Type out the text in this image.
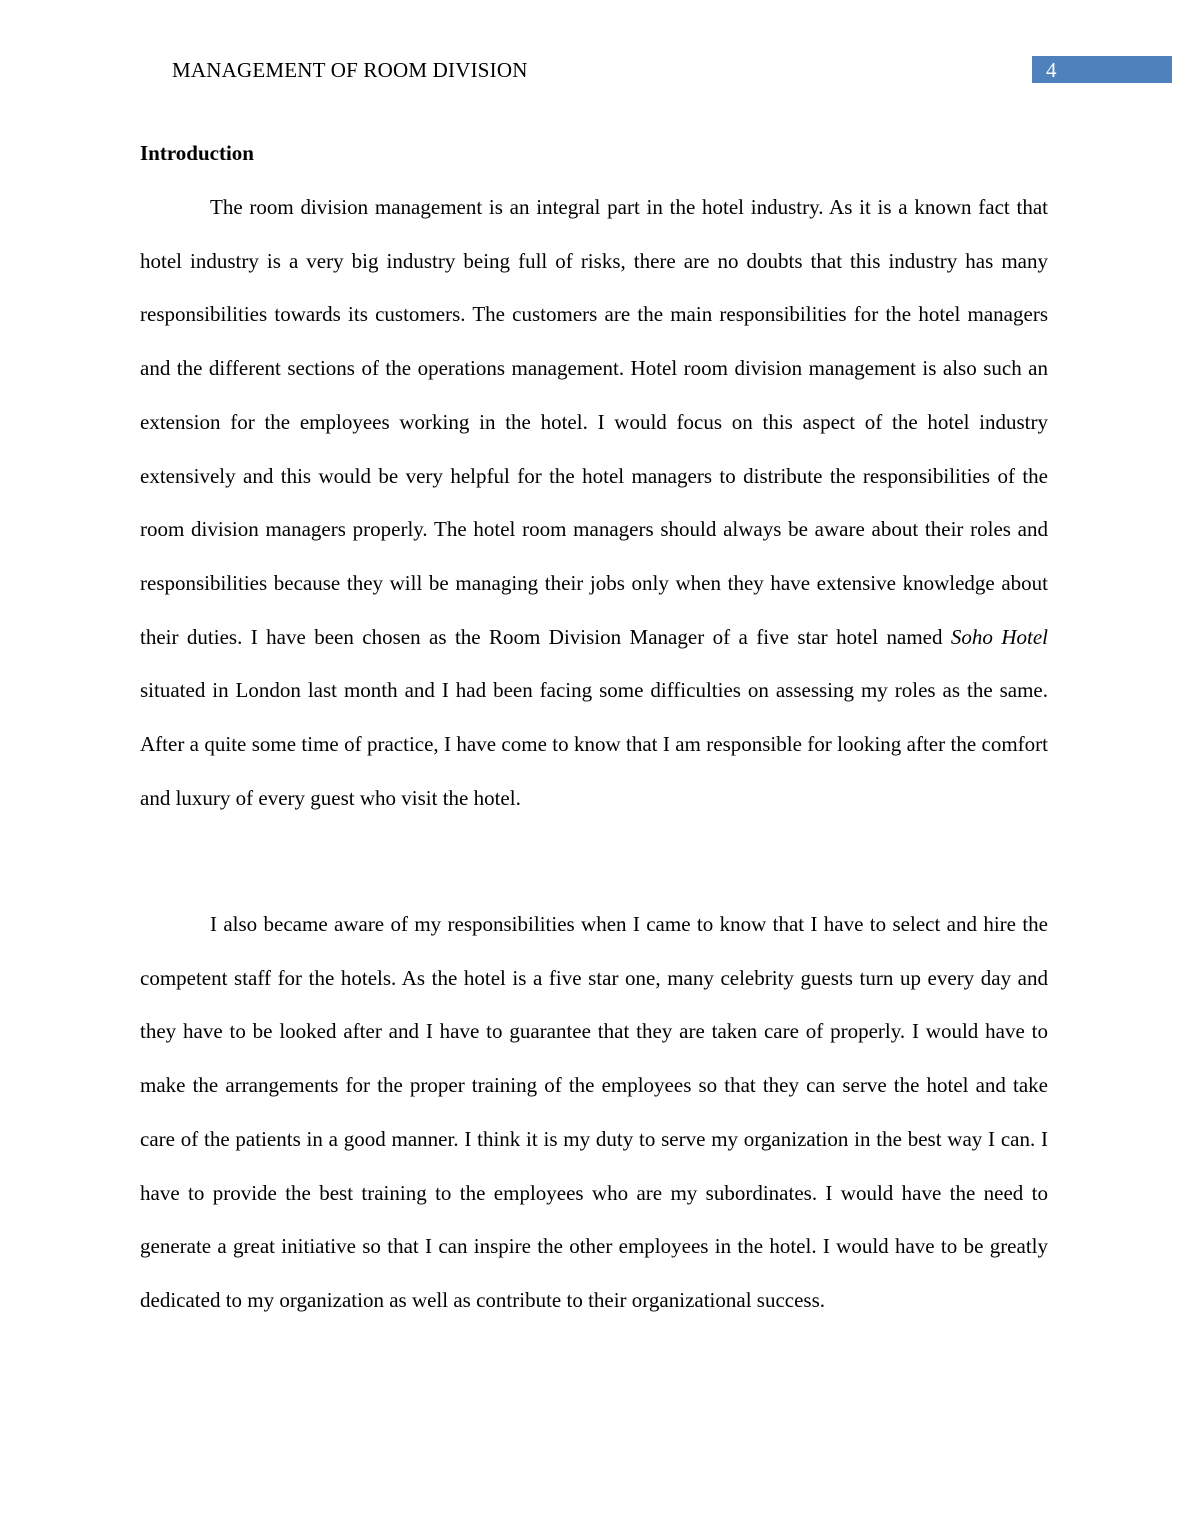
MANAGEMENT OF ROOM DIVISION	4
Introduction

The room division management is an integral part in the hotel industry. As it is a known fact that hotel industry is a very big industry being full of risks, there are no doubts that this industry has many responsibilities towards its customers. The customers are the main responsibilities for the hotel managers and the different sections of the operations management. Hotel room division management is also such an extension for the employees working in the hotel. I would focus on this aspect of the hotel industry extensively and this would be very helpful for the hotel managers to distribute the responsibilities of the room division managers properly. The hotel room managers should always be aware about their roles and responsibilities because they will be managing their jobs only when they have extensive knowledge about their duties. I have been chosen as the Room Division Manager of a five star hotel named Soho Hotel situated in London last month and I had been facing some difficulties on assessing my roles as the same. After a quite some time of practice, I have come to know that I am responsible for looking after the comfort and luxury of every guest who visit the hotel.

I also became aware of my responsibilities when I came to know that I have to select and hire the competent staff for the hotels. As the hotel is a five star one, many celebrity guests turn up every day and they have to be looked after and I have to guarantee that they are taken care of properly. I would have to make the arrangements for the proper training of the employees so that they can serve the hotel and take care of the patients in a good manner. I think it is my duty to serve my organization in the best way I can. I have to provide the best training to the employees who are my subordinates. I would have the need to generate a great initiative so that I can inspire the other employees in the hotel. I would have to be greatly dedicated to my organization as well as contribute to their organizational success.
